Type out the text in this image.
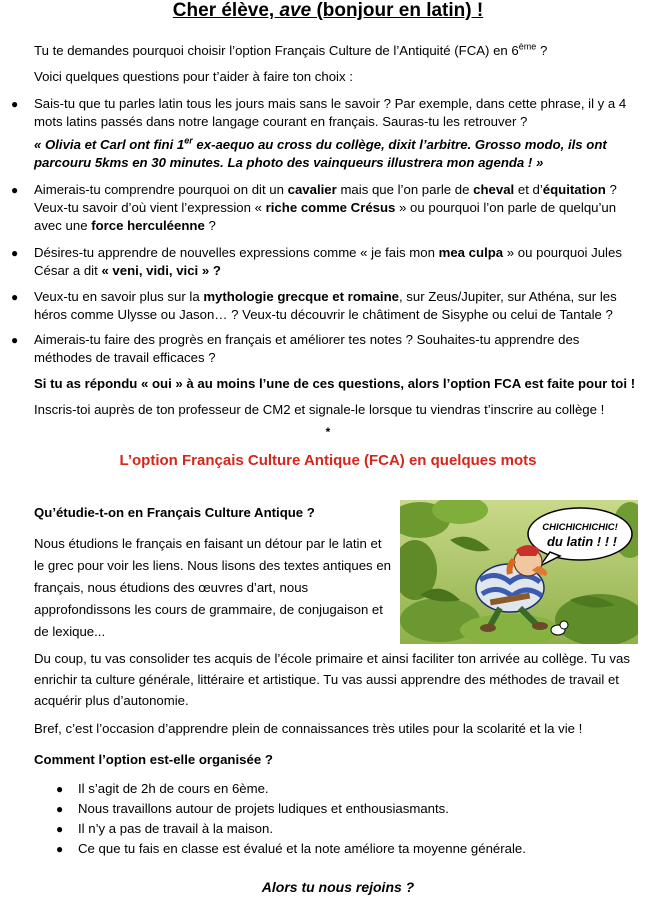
Cher élève, ave (bonjour en latin) !

Tu te demandes pourquoi choisir l’option Français Culture de l’Antiquité (FCA) en 6ème ?

Voici quelques questions pour t’aider à faire ton choix :

● Sais-tu que tu parles latin tous les jours mais sans le savoir ? Par exemple, dans cette phrase, il y a 4 mots latins passés dans notre langage courant en français. Sauras-tu les retrouver ?

« Olivia et Carl ont fini 1er ex-aequo au cross du collège, dixit l’arbitre. Grosso modo, ils ont parcouru 5kms en 30 minutes. La photo des vainqueurs illustrera mon agenda ! »

● Aimerais-tu comprendre pourquoi on dit un cavalier mais que l’on parle de cheval et d’équitation ? Veux-tu savoir d’où vient l’expression « riche comme Crésus » ou pourquoi l’on parle de quelqu’un avec une force herculéenne ?

● Désires-tu apprendre de nouvelles expressions comme « je fais mon mea culpa » ou pourquoi Jules César a dit « veni, vidi, vici » ?

● Veux-tu en savoir plus sur la mythologie grecque et romaine, sur Zeus/Jupiter, sur Athéna, sur les héros comme Ulysse ou Jason… ? Veux-tu découvrir le châtiment de Sisyphe ou celui de Tantale ?

● Aimerais-tu faire des progrès en français et améliorer tes notes ? Souhaites-tu apprendre des méthodes de travail efficaces ?

Si tu as répondu « oui » à au moins l’une de ces questions, alors l’option FCA est faite pour toi !

Inscris-toi auprès de ton professeur de CM2 et signale-le lorsque tu viendras t’inscrire au collège !

*

L’option Français Culture Antique (FCA) en quelques mots

Qu’étudie-t-on en Français Culture Antique ?

Nous étudions le français en faisant un détour par le latin et le grec pour voir les liens. Nous lisons des textes antiques en français, nous étudions des œuvres d’art, nous approfondissons les cours de grammaire, de conjugaison et de lexique...

CHICHICHICHIC!
du latin ! ! !

Du coup, tu vas consolider tes acquis de l’école primaire et ainsi faciliter ton arrivée au collège. Tu vas enrichir ta culture générale, littéraire et artistique. Tu vas aussi apprendre des méthodes de travail et acquérir plus d’autonomie.

Bref, c’est l’occasion d’apprendre plein de connaissances très utiles pour la scolarité et la vie !

Comment l’option est-elle organisée ?

● Il s’agit de 2h de cours en 6ème.
● Nous travaillons autour de projets ludiques et enthousiasmants.
● Il n’y a pas de travail à la maison.
● Ce que tu fais en classe est évalué et la note améliore ta moyenne générale.

Alors tu nous rejoins ?
